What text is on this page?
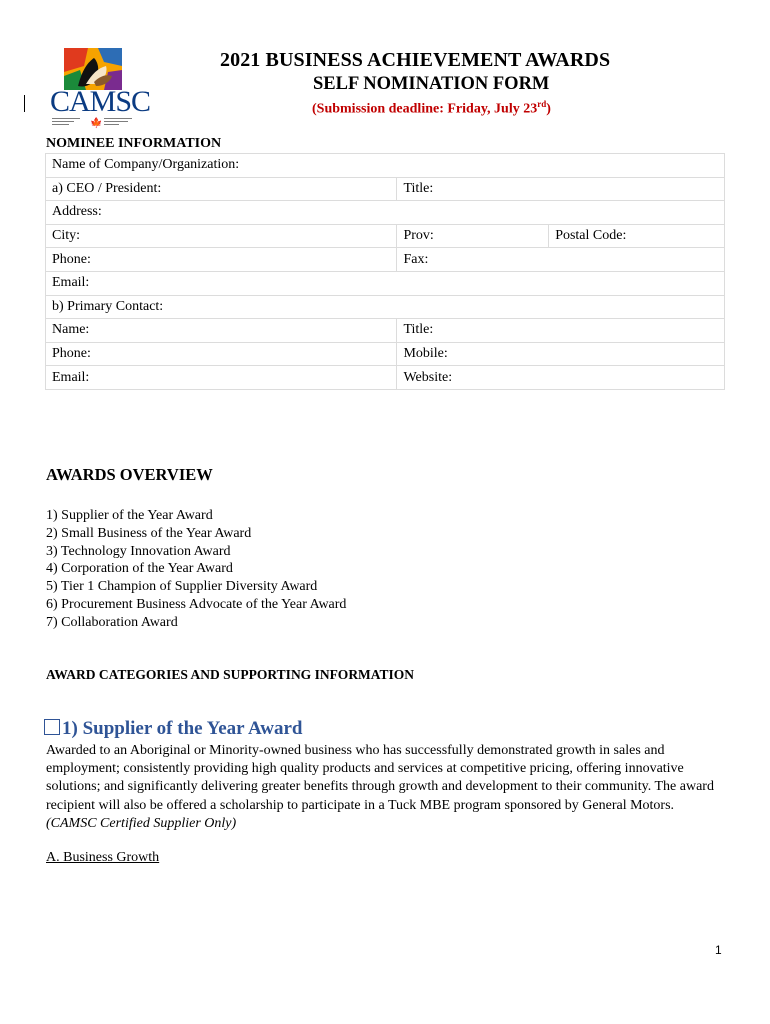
CAMSC
🍁
2021 BUSINESS ACHIEVEMENT AWARDS
SELF NOMINATION FORM
(Submission deadline: Friday, July 23rd)
NOMINEE INFORMATION
Name of Company/Organization:		
a) CEO / President:	Title:	
Address:		
City:	Prov:	Postal Code:
Phone:	Fax:	
Email:		
b) Primary Contact:		
Name:	Title:	
Phone:	Mobile:	
Email:	Website:	
AWARDS OVERVIEW
1) Supplier of the Year Award
2) Small Business of the Year Award
3) Technology Innovation Award
4) Corporation of the Year Award
5) Tier 1 Champion of Supplier Diversity Award
6) Procurement Business Advocate of the Year Award
7) Collaboration Award
AWARD CATEGORIES AND SUPPORTING INFORMATION
1) Supplier of the Year Award
Awarded to an Aboriginal or Minority-owned business who has successfully demonstrated growth in sales and employment; consistently providing high quality products and services at competitive pricing, offering innovative solutions; and significantly delivering greater benefits through growth and development to their community. The award recipient will also be offered a scholarship to participate in a Tuck MBE program sponsored by General Motors. (CAMSC Certified Supplier Only)
A. Business Growth
1
